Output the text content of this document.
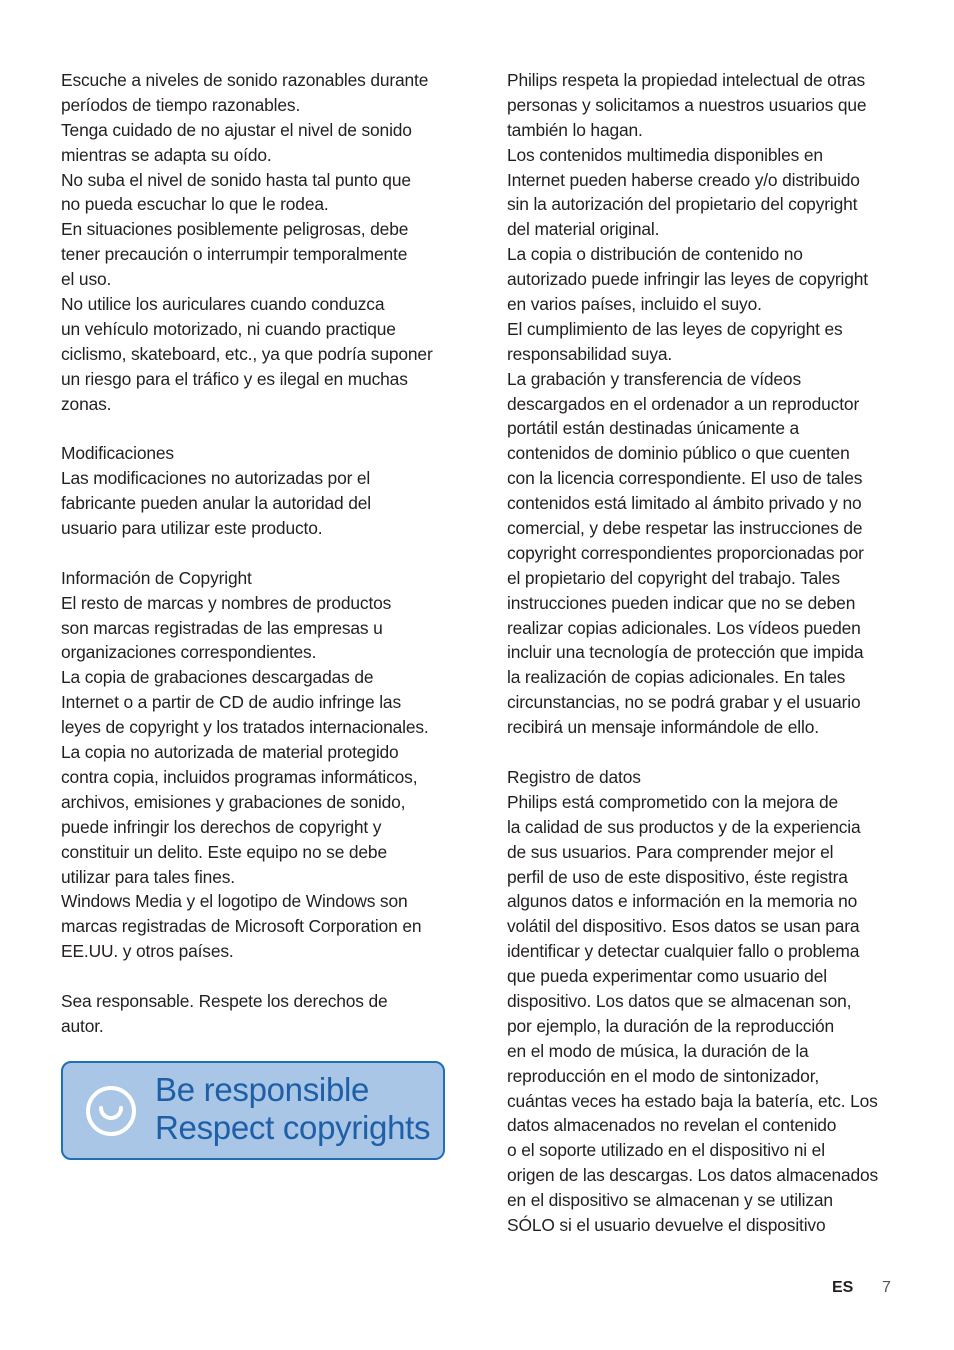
Escuche a niveles de sonido razonables durante
períodos de tiempo razonables.
Tenga cuidado de no ajustar el nivel de sonido
mientras se adapta su oído.
No suba el nivel de sonido hasta tal punto que
no pueda escuchar lo que le rodea.
En situaciones posiblemente peligrosas, debe
tener precaución o interrumpir temporalmente
el uso.
No utilice los auriculares cuando conduzca
un vehículo motorizado, ni cuando practique
ciclismo, skateboard, etc., ya que podría suponer
un riesgo para el tráfico y es ilegal en muchas
zonas.
Modificaciones
Las modificaciones no autorizadas por el
fabricante pueden anular la autoridad del
usuario para utilizar este producto.
Información de Copyright
El resto de marcas y nombres de productos
son marcas registradas de las empresas u
organizaciones correspondientes.
La copia de grabaciones descargadas de
Internet o a partir de CD de audio infringe las
leyes de copyright y los tratados internacionales.
La copia no autorizada de material protegido
contra copia, incluidos programas informáticos,
archivos, emisiones y grabaciones de sonido,
puede infringir los derechos de copyright y
constituir un delito. Este equipo no se debe
utilizar para tales fines.
Windows Media y el logotipo de Windows son
marcas registradas de Microsoft Corporation en
EE.UU. y otros países.
Sea responsable. Respete los derechos de
autor.
Philips respeta la propiedad intelectual de otras
personas y solicitamos a nuestros usuarios que
también lo hagan.
Los contenidos multimedia disponibles en
Internet pueden haberse creado y/o distribuido
sin la autorización del propietario del copyright
del material original.
La copia o distribución de contenido no
autorizado puede infringir las leyes de copyright
en varios países, incluido el suyo.
El cumplimiento de las leyes de copyright es
responsabilidad suya.
La grabación y transferencia de vídeos
descargados en el ordenador a un reproductor
portátil están destinadas únicamente a
contenidos de dominio público o que cuenten
con la licencia correspondiente. El uso de tales
contenidos está limitado al ámbito privado y no
comercial, y debe respetar las instrucciones de
copyright correspondientes proporcionadas por
el propietario del copyright del trabajo. Tales
instrucciones pueden indicar que no se deben
realizar copias adicionales. Los vídeos pueden
incluir una tecnología de protección que impida
la realización de copias adicionales. En tales
circunstancias, no se podrá grabar y el usuario
recibirá un mensaje informándole de ello.
Registro de datos
Philips está comprometido con la mejora de
la calidad de sus productos y de la experiencia
de sus usuarios. Para comprender mejor el
perfil de uso de este dispositivo, éste registra
algunos datos e información en la memoria no
volátil del dispositivo. Esos datos se usan para
identificar y detectar cualquier fallo o problema
que pueda experimentar como usuario del
dispositivo. Los datos que se almacenan son,
por ejemplo, la duración de la reproducción
en el modo de música, la duración de la
reproducción en el modo de sintonizador,
cuántas veces ha estado baja la batería, etc. Los
datos almacenados no revelan el contenido
o el soporte utilizado en el dispositivo ni el
origen de las descargas. Los datos almacenados
en el dispositivo se almacenan y se utilizan
SÓLO si el usuario devuelve el dispositivo
Be responsible
Respect copyrights
ES 7
